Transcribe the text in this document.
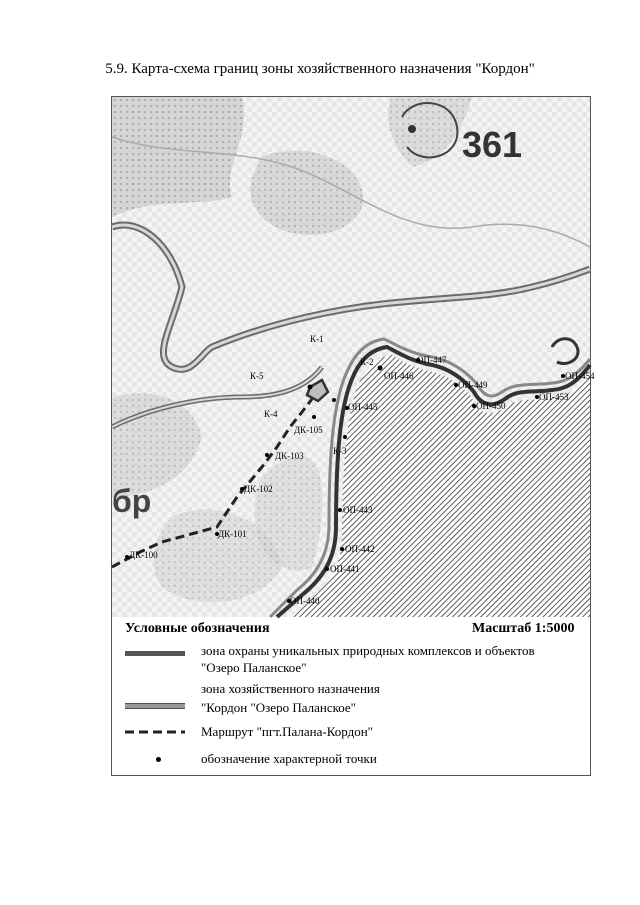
5.9. Карта-схема границ зоны хозяйственного назначения "Кордон"
К-1
К-2
К-3
К-4
К-5
ОП-440
ОП-441
ОП-442
ОП-443
ОП-445
ОП-446
ОП-447
ОП-449
ОП-450
ОП-453
ОП-454
ДК-100
ДК-101
ДК-102
ДК-103
ДК-105
361
бр
Условные обозначения	Масштаб 1:5000
зона охраны уникальных природных комплексов и объектов
"Озеро Паланское"
зона хозяйственного назначения
"Кордон "Озеро Паланское"
Маршрут "пгт.Палана-Кордон"
обозначение характерной точки
